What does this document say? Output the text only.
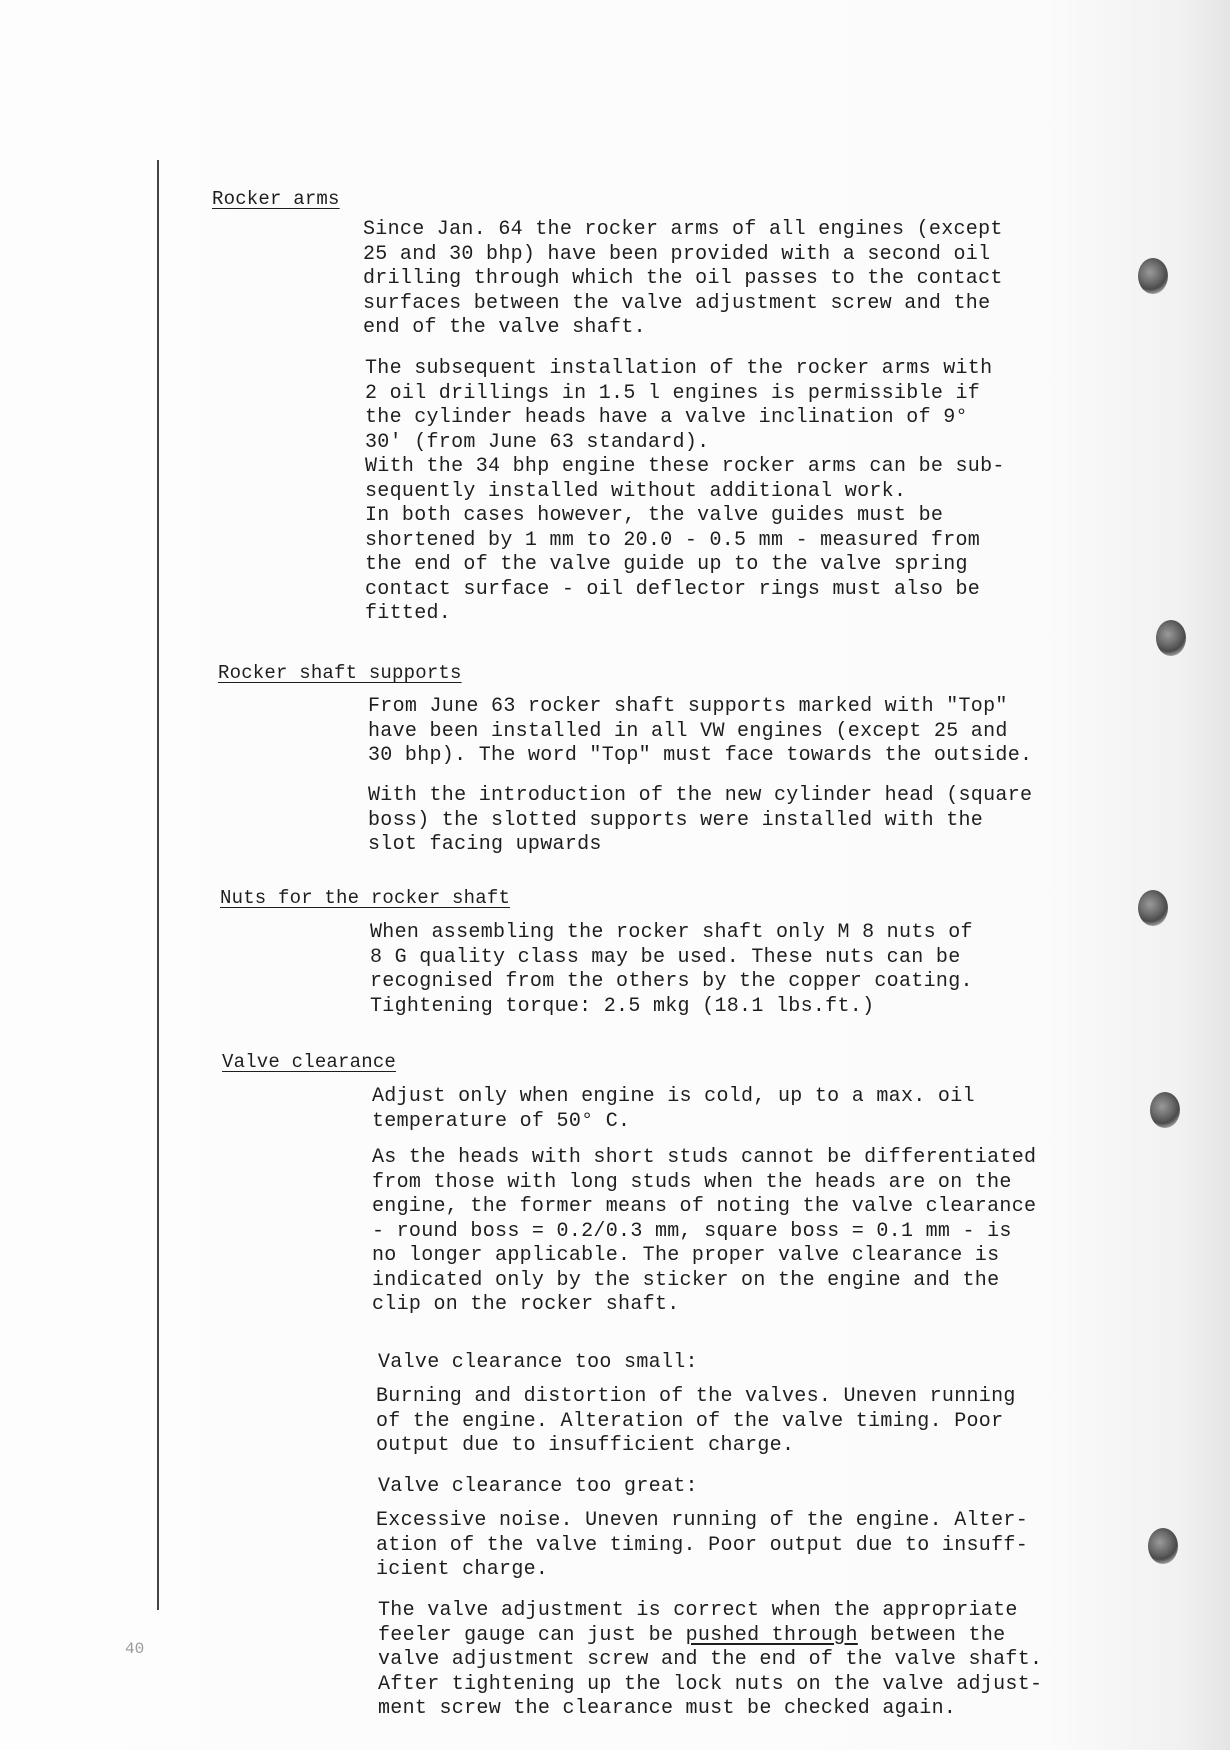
Rocker arms
Since Jan. 64 the rocker arms of all engines (except
25 and 30 bhp) have been provided with a second oil
drilling through which the oil passes to the contact
surfaces between the valve adjustment screw and the
end of the valve shaft.
The subsequent installation of the rocker arms with
2 oil drillings in 1.5 l engines is permissible if
the cylinder heads have a valve inclination of 9°
30' (from June 63 standard).
With the 34 bhp engine these rocker arms can be sub-
sequently installed without additional work.
In both cases however, the valve guides must be
shortened by 1 mm to 20.0 - 0.5 mm - measured from
the end of the valve guide up to the valve spring
contact surface - oil deflector rings must also be
fitted.
Rocker shaft supports
From June 63 rocker shaft supports marked with "Top"
have been installed in all VW engines (except 25 and
30 bhp). The word "Top" must face towards the outside.
With the introduction of the new cylinder head (square
boss) the slotted supports were installed with the
slot facing upwards
Nuts for the rocker shaft
When assembling the rocker shaft only M 8 nuts of
8 G quality class may be used. These nuts can be
recognised from the others by the copper coating.
Tightening torque: 2.5 mkg (18.1 lbs.ft.)
Valve clearance
Adjust only when engine is cold, up to a max. oil
temperature of 50° C.
As the heads with short studs cannot be differentiated
from those with long studs when the heads are on the
engine, the former means of noting the valve clearance
- round boss = 0.2/0.3 mm, square boss = 0.1 mm - is
no longer applicable. The proper valve clearance is
indicated only by the sticker on the engine and the
clip on the rocker shaft.
Valve clearance too small:
Burning and distortion of the valves. Uneven running
of the engine. Alteration of the valve timing. Poor
output due to insufficient charge.
Valve clearance too great:
Excessive noise. Uneven running of the engine. Alter-
ation of the valve timing. Poor output due to insuff-
icient charge.
The valve adjustment is correct when the appropriate
feeler gauge can just be pushed through between the
valve adjustment screw and the end of the valve shaft.
After tightening up the lock nuts on the valve adjust-
ment screw the clearance must be checked again.
40
